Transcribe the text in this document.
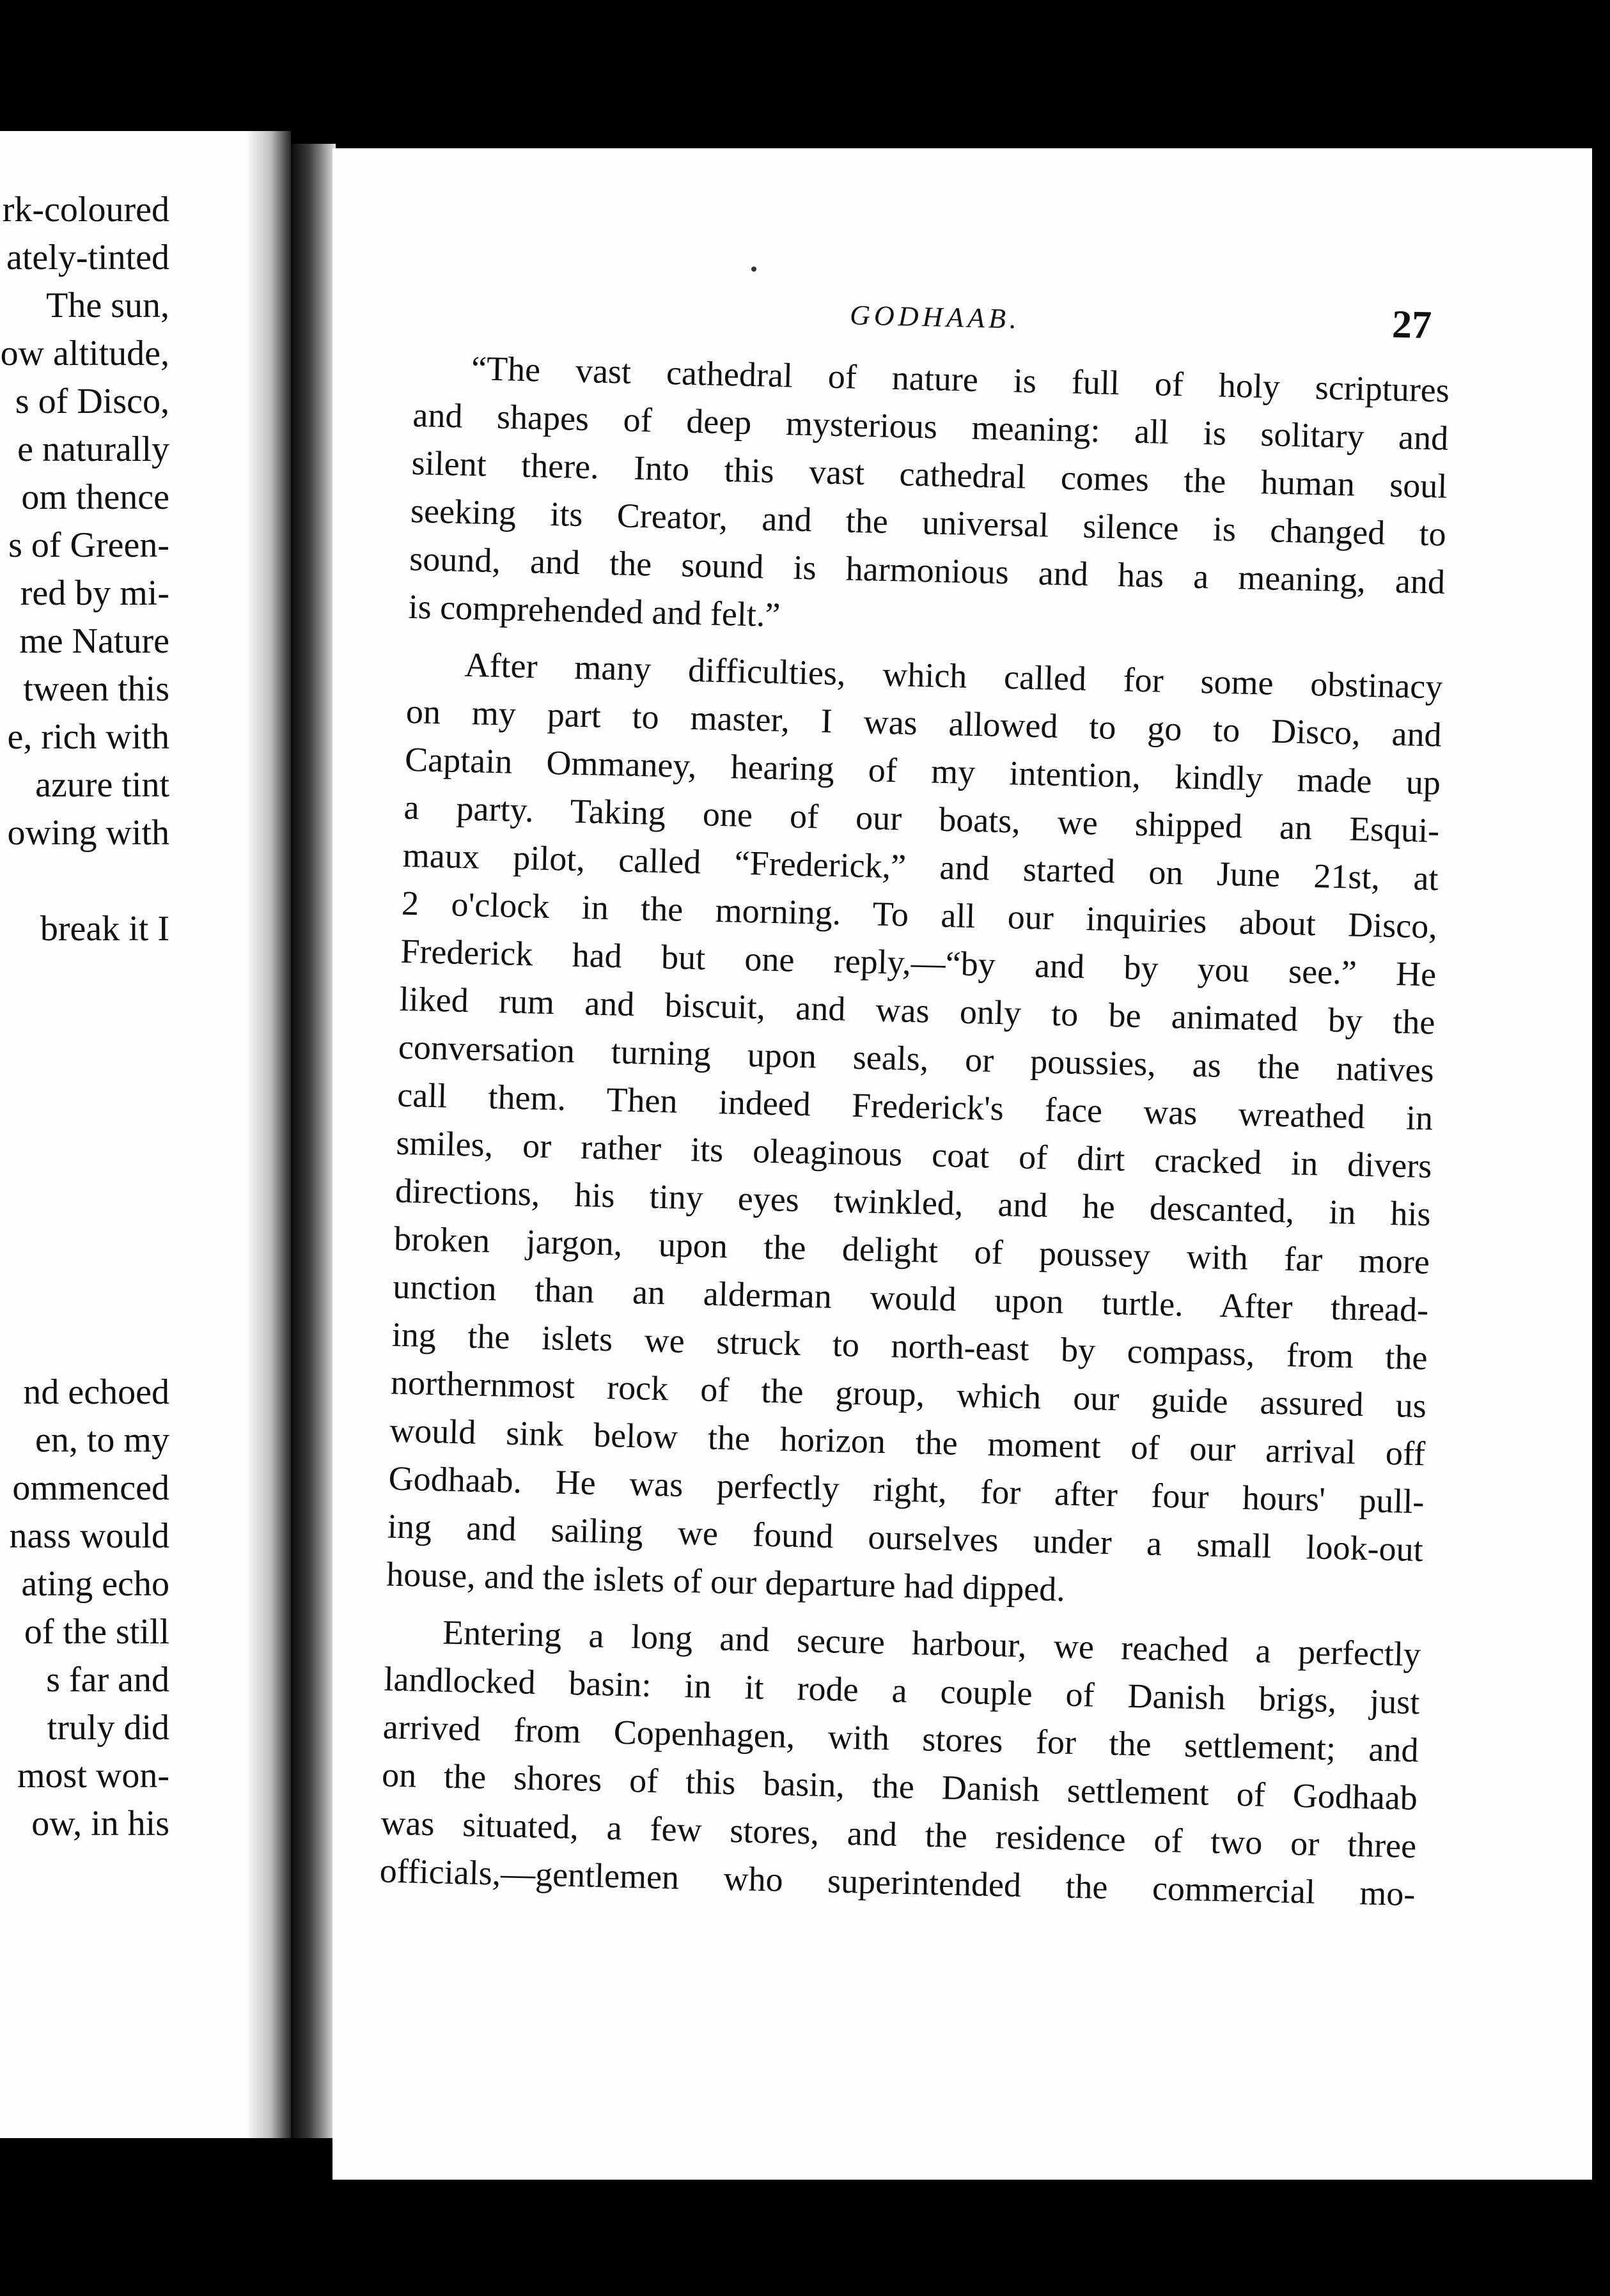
rk-coloured
ately-tinted
The sun,
ow altitude,
s of Disco,
e naturally
om thence
s of Green-
red by mi-
me Nature
tween this
e, rich with
azure tint
owing with
break it I
nd echoed
en, to my
ommenced
nass would
ating echo
of the still
s far and
truly did
most won-
ow, in his
GODHAAB.	27
“The vast cathedral of nature is full of holy scriptures
and shapes of deep mysterious meaning: all is solitary and
silent there. Into this vast cathedral comes the human soul
seeking its Creator, and the universal silence is changed to
sound, and the sound is harmonious and has a meaning, and
is comprehended and felt.”
After many difficulties, which called for some obstinacy
on my part to master, I was allowed to go to Disco, and
Captain Ommaney, hearing of my intention, kindly made up
a party. Taking one of our boats, we shipped an Esqui-
maux pilot, called “Frederick,” and started on June 21st, at
2 o'clock in the morning. To all our inquiries about Disco,
Frederick had but one reply,—“by and by you see.” He
liked rum and biscuit, and was only to be animated by the
conversation turning upon seals, or poussies, as the natives
call them. Then indeed Frederick's face was wreathed in
smiles, or rather its oleaginous coat of dirt cracked in divers
directions, his tiny eyes twinkled, and he descanted, in his
broken jargon, upon the delight of poussey with far more
unction than an alderman would upon turtle. After thread-
ing the islets we struck to north-east by compass, from the
northernmost rock of the group, which our guide assured us
would sink below the horizon the moment of our arrival off
Godhaab. He was perfectly right, for after four hours' pull-
ing and sailing we found ourselves under a small look-out
house, and the islets of our departure had dipped.
Entering a long and secure harbour, we reached a perfectly
landlocked basin: in it rode a couple of Danish brigs, just
arrived from Copenhagen, with stores for the settlement; and
on the shores of this basin, the Danish settlement of Godhaab
was situated, a few stores, and the residence of two or three
officials,—gentlemen who superintended the commercial mo-
